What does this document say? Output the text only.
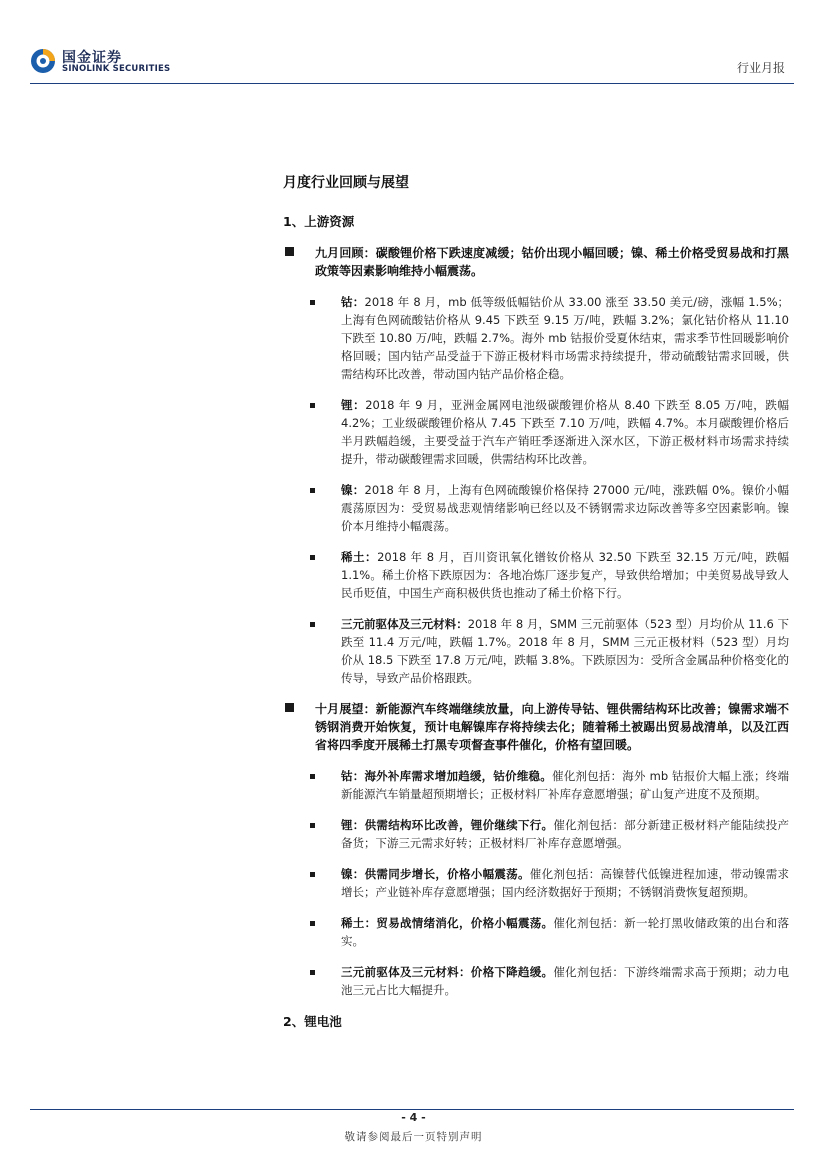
国金证券
SINOLINK SECURITIES	行业月报
月度行业回顾与展望
1、上游资源
九月回顾：碳酸锂价格下跌速度减缓；钴价出现小幅回暖；镍、稀土价格受贸易战和打黑政策等因素影响维持小幅震荡。
钴：2018 年 8 月，mb 低等级低幅钴价从 33.00 涨至 33.50 美元/磅，涨幅 1.5%；上海有色网硫酸钴价格从 9.45 下跌至 9.15 万/吨，跌幅 3.2%；氯化钴价格从 11.10 下跌至 10.80 万/吨，跌幅 2.7%。海外 mb 钴报价受夏休结束，需求季节性回暖影响价格回暖；国内钴产品受益于下游正极材料市场需求持续提升，带动硫酸钴需求回暖，供需结构环比改善，带动国内钴产品价格企稳。
锂：2018 年 9 月，亚洲金属网电池级碳酸锂价格从 8.40 下跌至 8.05 万/吨，跌幅 4.2%；工业级碳酸锂价格从 7.45 下跌至 7.10 万/吨，跌幅 4.7%。本月碳酸锂价格后半月跌幅趋缓，主要受益于汽车产销旺季逐渐进入深水区，下游正极材料市场需求持续提升，带动碳酸锂需求回暖，供需结构环比改善。
镍：2018 年 8 月，上海有色网硫酸镍价格保持 27000 元/吨，涨跌幅 0%。镍价小幅震荡原因为：受贸易战悲观情绪影响已经以及不锈钢需求边际改善等多空因素影响。镍价本月维持小幅震荡。
稀土：2018 年 8 月，百川资讯氧化镨钕价格从 32.50 下跌至 32.15 万元/吨，跌幅 1.1%。稀土价格下跌原因为：各地冶炼厂逐步复产，导致供给增加；中美贸易战导致人民币贬值，中国生产商积极供货也推动了稀土价格下行。
三元前驱体及三元材料：2018 年 8 月，SMM 三元前驱体（523 型）月均价从 11.6 下跌至 11.4 万元/吨，跌幅 1.7%。2018 年 8 月，SMM 三元正极材料（523 型）月均价从 18.5 下跌至 17.8 万元/吨，跌幅 3.8%。下跌原因为：受所含金属品种价格变化的传导，导致产品价格跟跌。
十月展望：新能源汽车终端继续放量，向上游传导钴、锂供需结构环比改善；镍需求端不锈钢消费开始恢复，预计电解镍库存将持续去化；随着稀土被踢出贸易战清单，以及江西省将四季度开展稀土打黑专项督查事件催化，价格有望回暖。
钴：海外补库需求增加趋缓，钴价维稳。催化剂包括：海外 mb 钴报价大幅上涨；终端新能源汽车销量超预期增长；正极材料厂补库存意愿增强；矿山复产进度不及预期。
锂：供需结构环比改善，锂价继续下行。催化剂包括：部分新建正极材料产能陆续投产备货；下游三元需求好转；正极材料厂补库存意愿增强。
镍：供需同步增长，价格小幅震荡。催化剂包括：高镍替代低镍进程加速，带动镍需求增长；产业链补库存意愿增强；国内经济数据好于预期；不锈钢消费恢复超预期。
稀土：贸易战情绪消化，价格小幅震荡。催化剂包括：新一轮打黑收储政策的出台和落实。
三元前驱体及三元材料：价格下降趋缓。催化剂包括：下游终端需求高于预期；动力电池三元占比大幅提升。
2、锂电池
- 4 -
敬请参阅最后一页特别声明
